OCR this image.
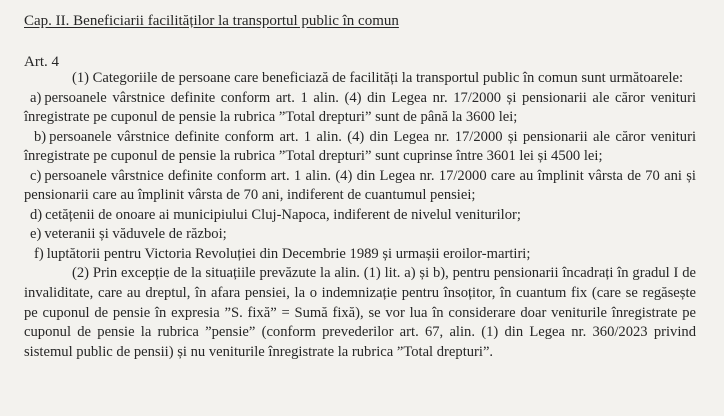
Cap. II. Beneficiarii facilităților la transportul public în comun
Art. 4

(1) Categoriile de persoane care beneficiază de facilități la transportul public în comun sunt următoarele:

a) persoanele vârstnice definite conform art. 1 alin. (4) din Legea nr. 17/2000 și pensionarii ale căror venituri înregistrate pe cuponul de pensie la rubrica ”Total drepturi” sunt de până la 3600 lei;

b) persoanele vârstnice definite conform art. 1 alin. (4) din Legea nr. 17/2000 și pensionarii ale căror venituri înregistrate pe cuponul de pensie la rubrica ”Total drepturi” sunt cuprinse între 3601 lei și 4500 lei;

c) persoanele vârstnice definite conform art. 1 alin. (4) din Legea nr. 17/2000 care au împlinit vârsta de 70 ani și pensionarii care au împlinit vârsta de 70 ani, indiferent de cuantumul pensiei;

d) cetățenii de onoare ai municipiului Cluj-Napoca, indiferent de nivelul veniturilor;

e) veteranii și văduvele de război;

f) luptătorii pentru Victoria Revoluției din Decembrie 1989 și urmașii eroilor-martiri;

(2) Prin excepție de la situațiile prevăzute la alin. (1) lit. a) și b), pentru pensionarii încadrați în gradul I de invaliditate, care au dreptul, în afara pensiei, la o indemnizație pentru însoțitor, în cuantum fix (care se regăsește pe cuponul de pensie în expresia ”S. fixă” = Sumă fixă), se vor lua în considerare doar veniturile înregistrate pe cuponul de pensie la rubrica ”pensie” (conform prevederilor art. 67, alin. (1) din Legea nr. 360/2023 privind sistemul public de pensii) și nu veniturile înregistrate la rubrica ”Total drepturi”.
